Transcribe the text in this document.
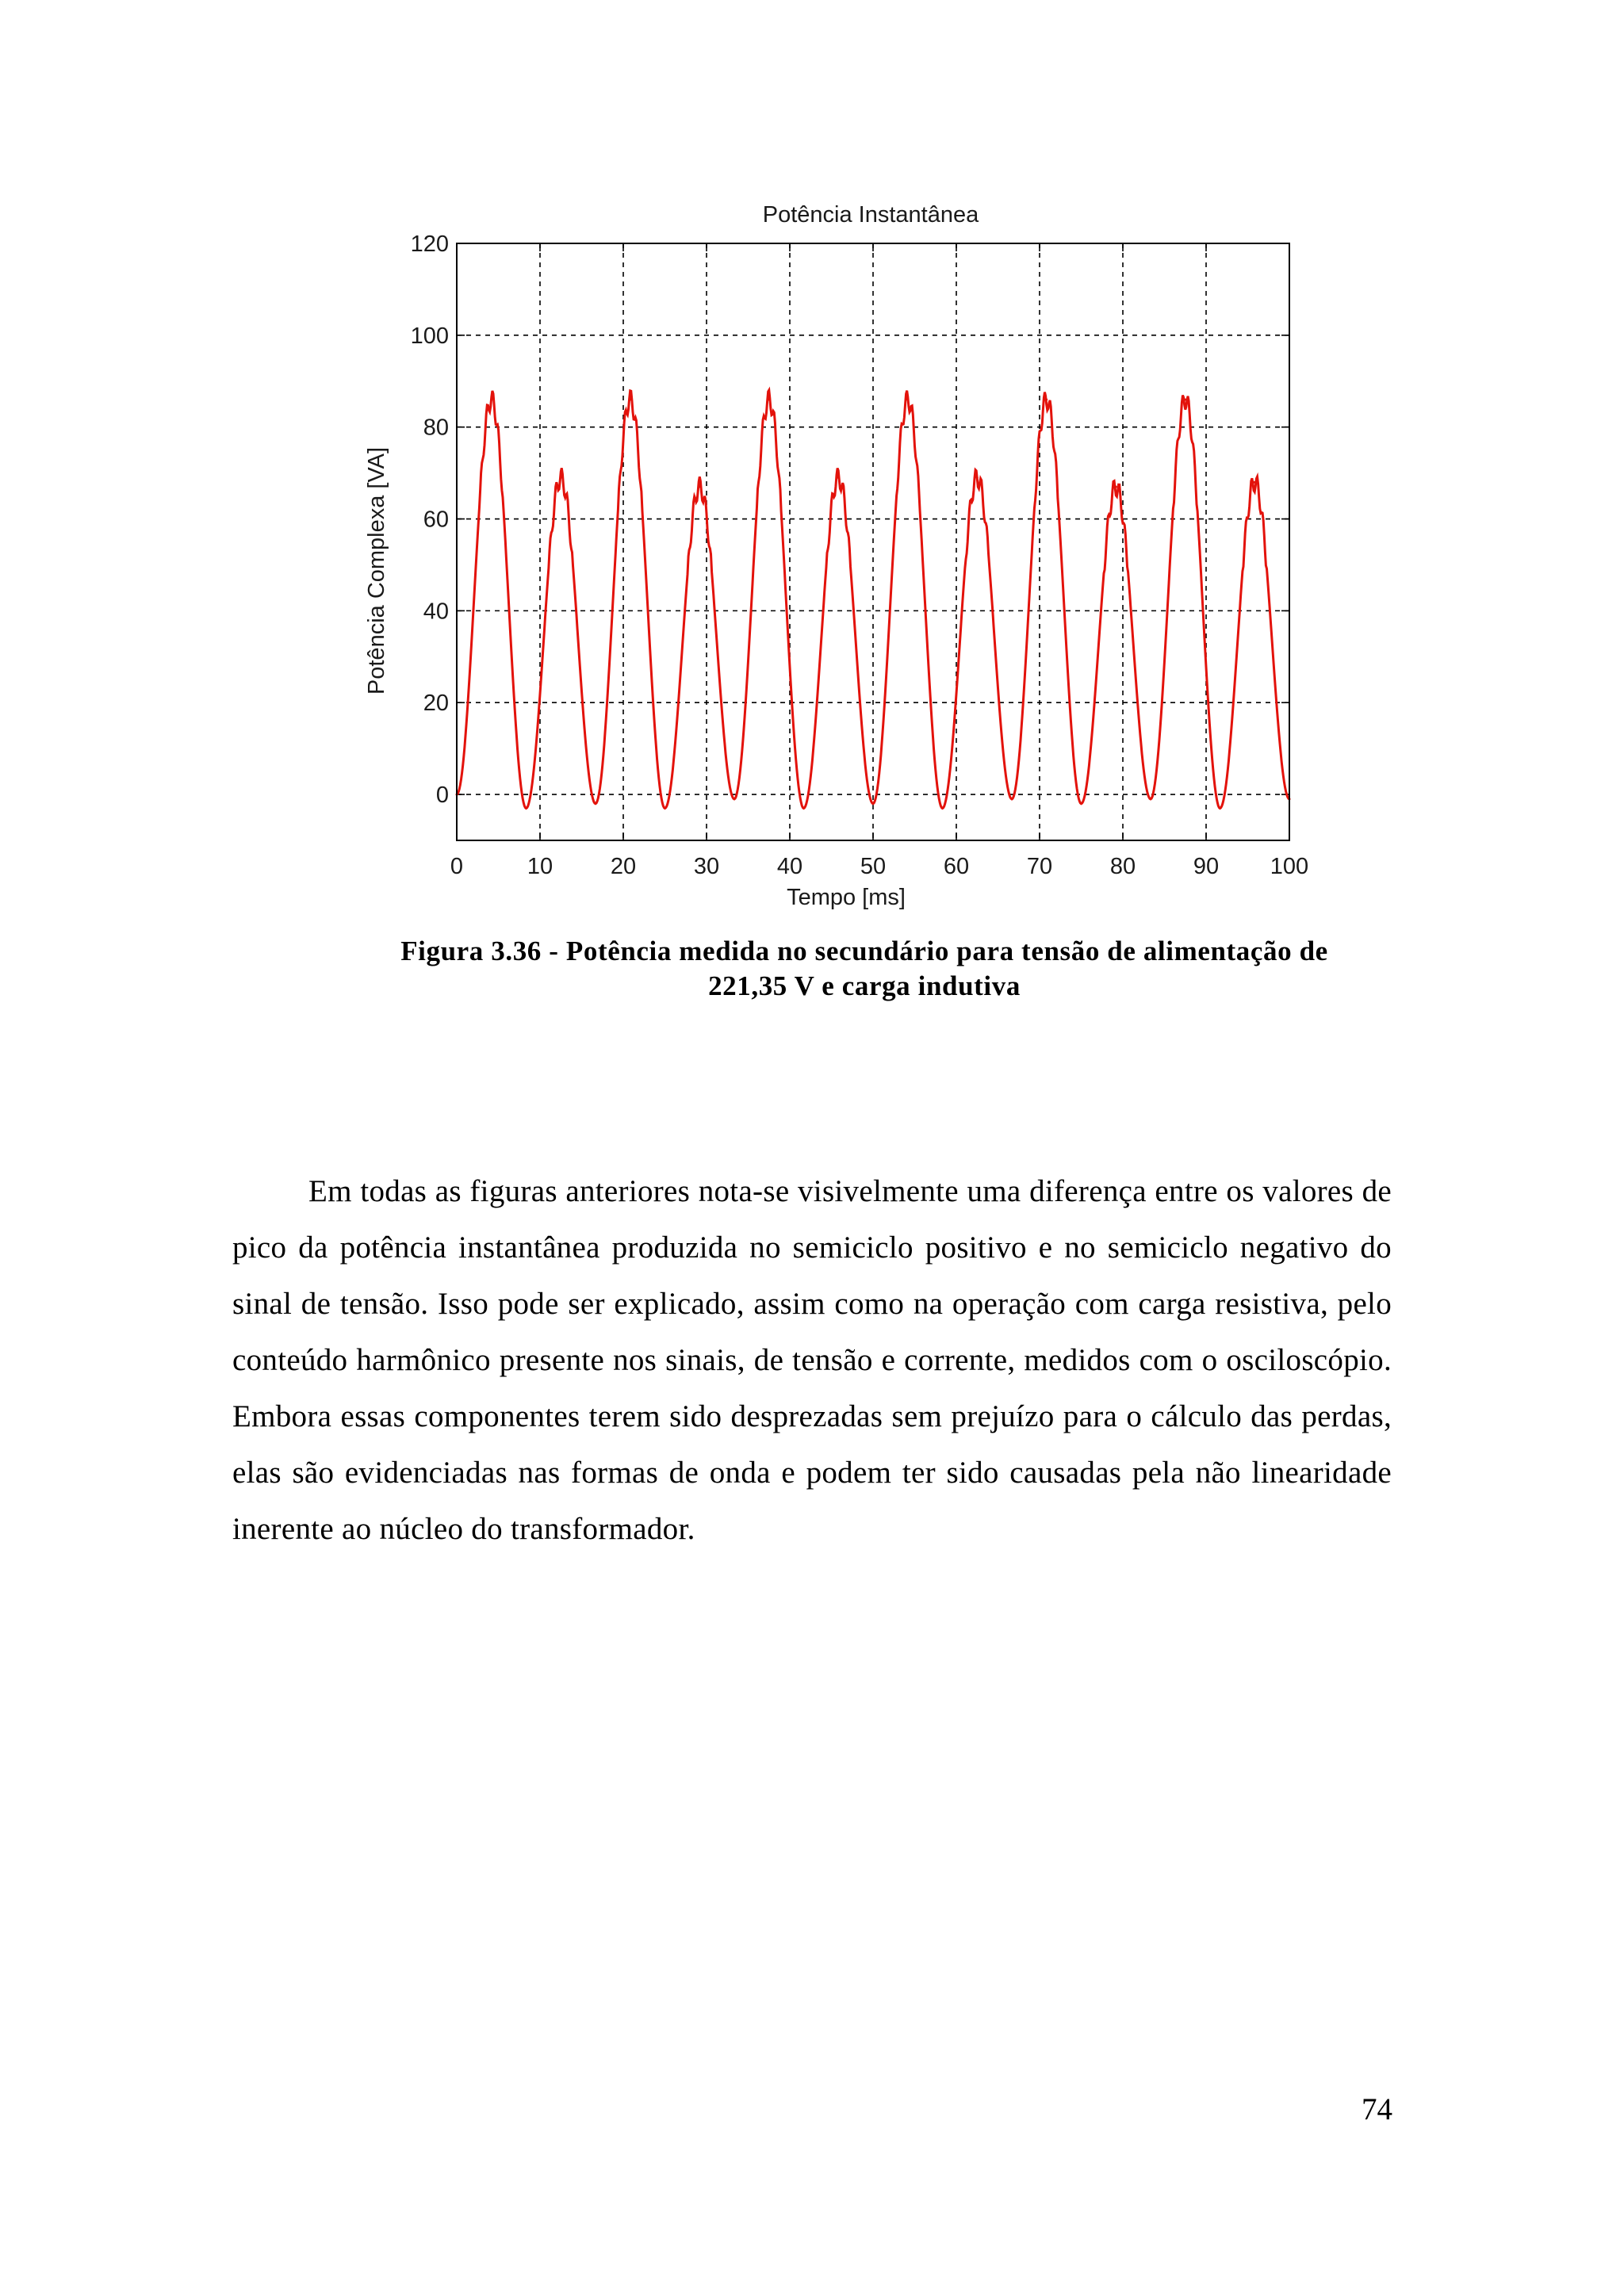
Potência Instantânea
0	10	20	30	40	50	60	70	80	90 100
0
20
40
60
80
100
120
Tempo [ms]
Potência Complexa [VA]
Figura 3.36 - Potência medida no secundário para tensão de alimentação de
221,35 V e carga indutiva

Em todas as figuras anteriores nota-se visivelmente uma diferença entre os valores de pico da potência instantânea produzida no semiciclo positivo e no semiciclo negativo do sinal de tensão. Isso pode ser explicado, assim como na operação com carga resistiva, pelo conteúdo harmônico presente nos sinais, de tensão e corrente, medidos com o osciloscópio. Embora essas componentes terem sido desprezadas sem prejuízo para o cálculo das perdas, elas são evidenciadas nas formas de onda e podem ter sido causadas pela não linearidade inerente ao núcleo do transformador.

74
